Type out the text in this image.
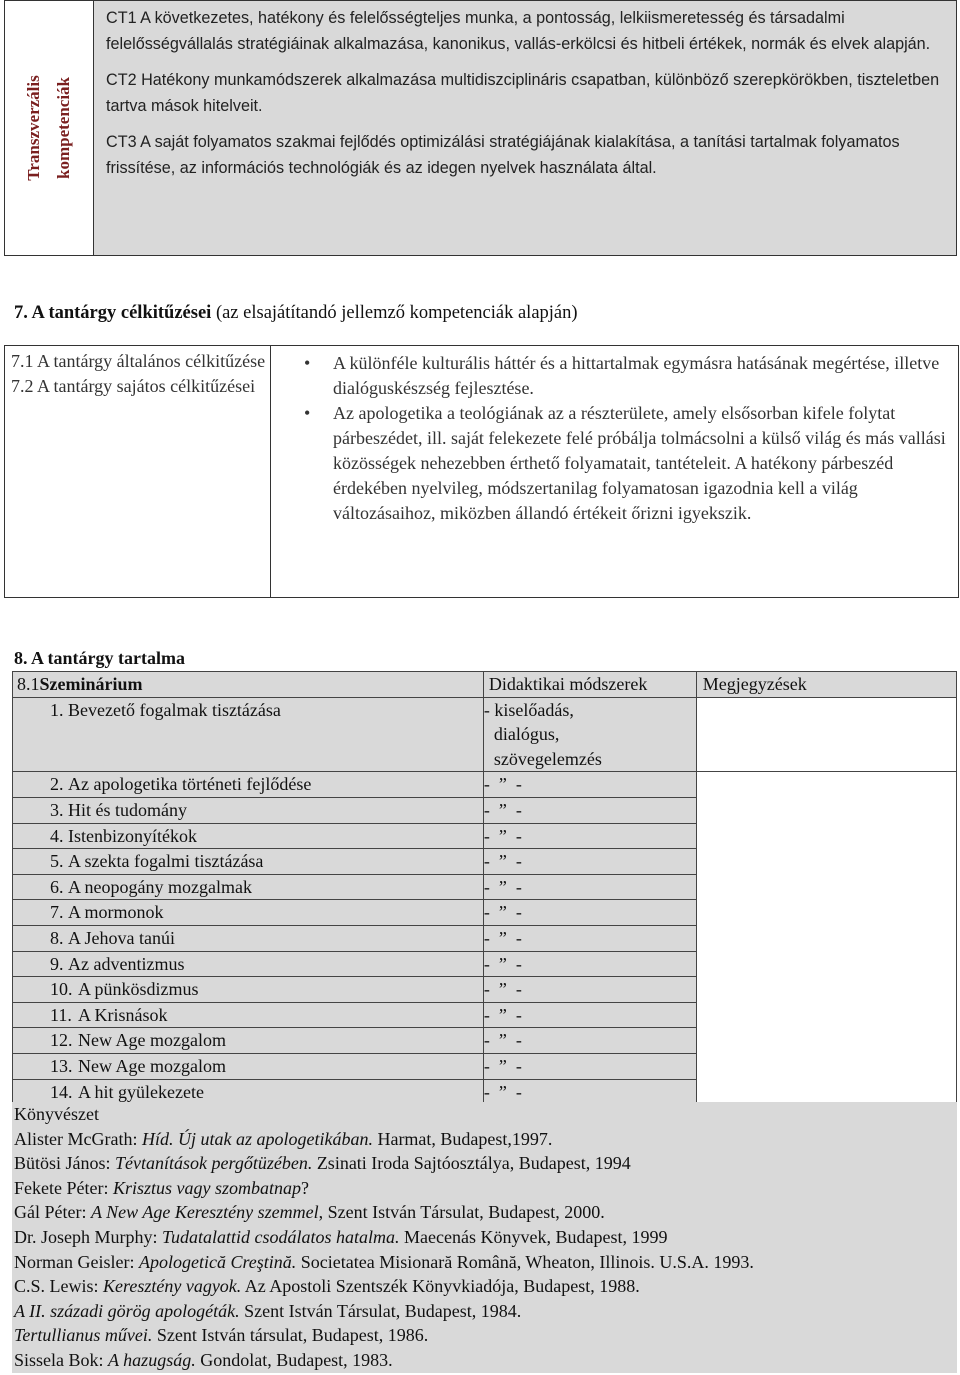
Transzverzális kompetenciák

CT1 A következetes, hatékony és felelősségteljes munka, a pontosság, lelkiismeretesség és társadalmi felelősségvállalás stratégiáinak alkalmazása, kanonikus, vallás-erkölcsi és hitbeli értékek, normák és elvek alapján.

CT2 Hatékony munkamódszerek alkalmazása multidiszciplináris csapatban, különböző szerepkörökben, tiszteletben tartva mások hitelveit.

CT3 A saját folyamatos szakmai fejlődés optimizálási stratégiájának kialakítása, a tanítási tartalmak folyamatos frissítése, az információs technológiák és az idegen nyelvek használata által.

7. A tantárgy célkitűzései (az elsajátítandó jellemző kompetenciák alapján)
7.1 A tantárgy általános célkitűzése
7.2 A tantárgy sajátos célkitűzései
• A különféle kulturális háttér és a hittartalmak egymásra hatásának megértése, illetve dialóguskészség fejlesztése.
• Az apologetika a teológiának az a részterülete, amely elsősorban kifele folytat párbeszédet, ill. saját felekezete felé próbálja tolmácsolni a külső világ és más vallási közösségek nehezebben érthető folyamatait, tantételeit. A hatékony párbeszéd érdekében nyelvileg, módszertanilag folyamatosan igazodnia kell a világ változásaihoz, miközben állandó értékeit őrizni igyekszik.
8. A tantárgy tartalma
8.1Szeminárium	Didaktikai módszerek	Megjegyzések
1. Bevezető fogalmak tisztázása	- kiselőadás,
dialógus,
szövegelemzés	

2. Az apologetika történeti fejlődése	-  ”  -	
3. Hit és tudomány	-  ”  -	
4. Istenbizonyítékok	-  ”  -	
5. A szekta fogalmi tisztázása	-  ”  -	
6. A neopogány mozgalmak	-  ”  -	
7. A mormonok	-  ”  -	
8. A Jehova tanúi	-  ”  -	
9. Az adventizmus	-  ”  -	
10. A pünkösdizmus	-  ”  -	
11. A Krisnások	-  ”  -	
12. New Age mozgalom	-  ”  -	
13. New Age mozgalom	-  ”  -	
14. A hit gyülekezete	-  ”  -	
Könyvészet
Alister McGrath: Híd. Új utak az apologetikában. Harmat, Budapest,1997.
Bütösi János: Tévtanítások pergőtüzében. Zsinati Iroda Sajtóosztálya, Budapest, 1994
Fekete Péter: Krisztus vagy szombatnap?
Gál Péter: A New Age Keresztény szemmel, Szent István Társulat, Budapest, 2000.
Dr. Joseph Murphy: Tudatalattid csodálatos hatalma. Maecenás Könyvek, Budapest, 1999
Norman Geisler: Apologetică Creştină. Societatea Misionară Română, Wheaton, Illinois. U.S.A. 1993.
C.S. Lewis: Keresztény vagyok. Az Apostoli Szentszék Könyvkiadója, Budapest, 1988.
A II. századi görög apologéták. Szent István Társulat, Budapest, 1984.
Tertullianus művei. Szent István társulat, Budapest, 1986.
Sissela Bok: A hazugság. Gondolat, Budapest, 1983.
